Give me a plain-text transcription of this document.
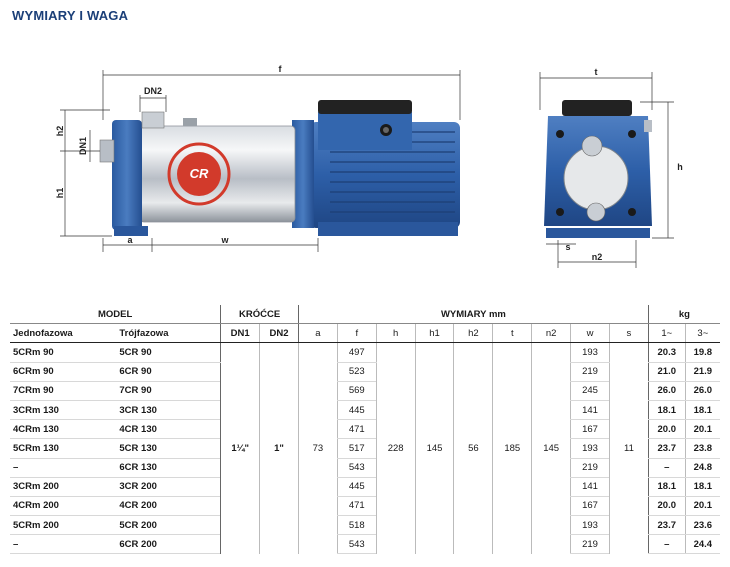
WYMIARY I WAGA
CR
f
a	w
DN2
h2
DN1
h1
t
h
s
n2
MODEL		KRÓĆCE		WYMIARY mm									kg	
Jednofazowa	Trójfazowa	DN1	DN2	a	f	h	h1	h2	t	n2	w	s	1~	3~
5CRm 90	5CR 90	1¼"	1"	73	497	228	145	56	185	145	193	11	20.3	19.8
6CRm 90	6CR 90				523						219		21.0	21.9
7CRm 90	7CR 90				569						245		26.0	26.0
3CRm 130	3CR 130				445						141		18.1	18.1
4CRm 130	4CR 130				471						167		20.0	20.1
5CRm 130	5CR 130				517						193		23.7	23.8
–	6CR 130				543						219		–	24.8
3CRm 200	3CR 200				445						141		18.1	18.1
4CRm 200	4CR 200				471						167		20.0	20.1
5CRm 200	5CR 200				518						193		23.7	23.6
–	6CR 200				543						219		–	24.4
